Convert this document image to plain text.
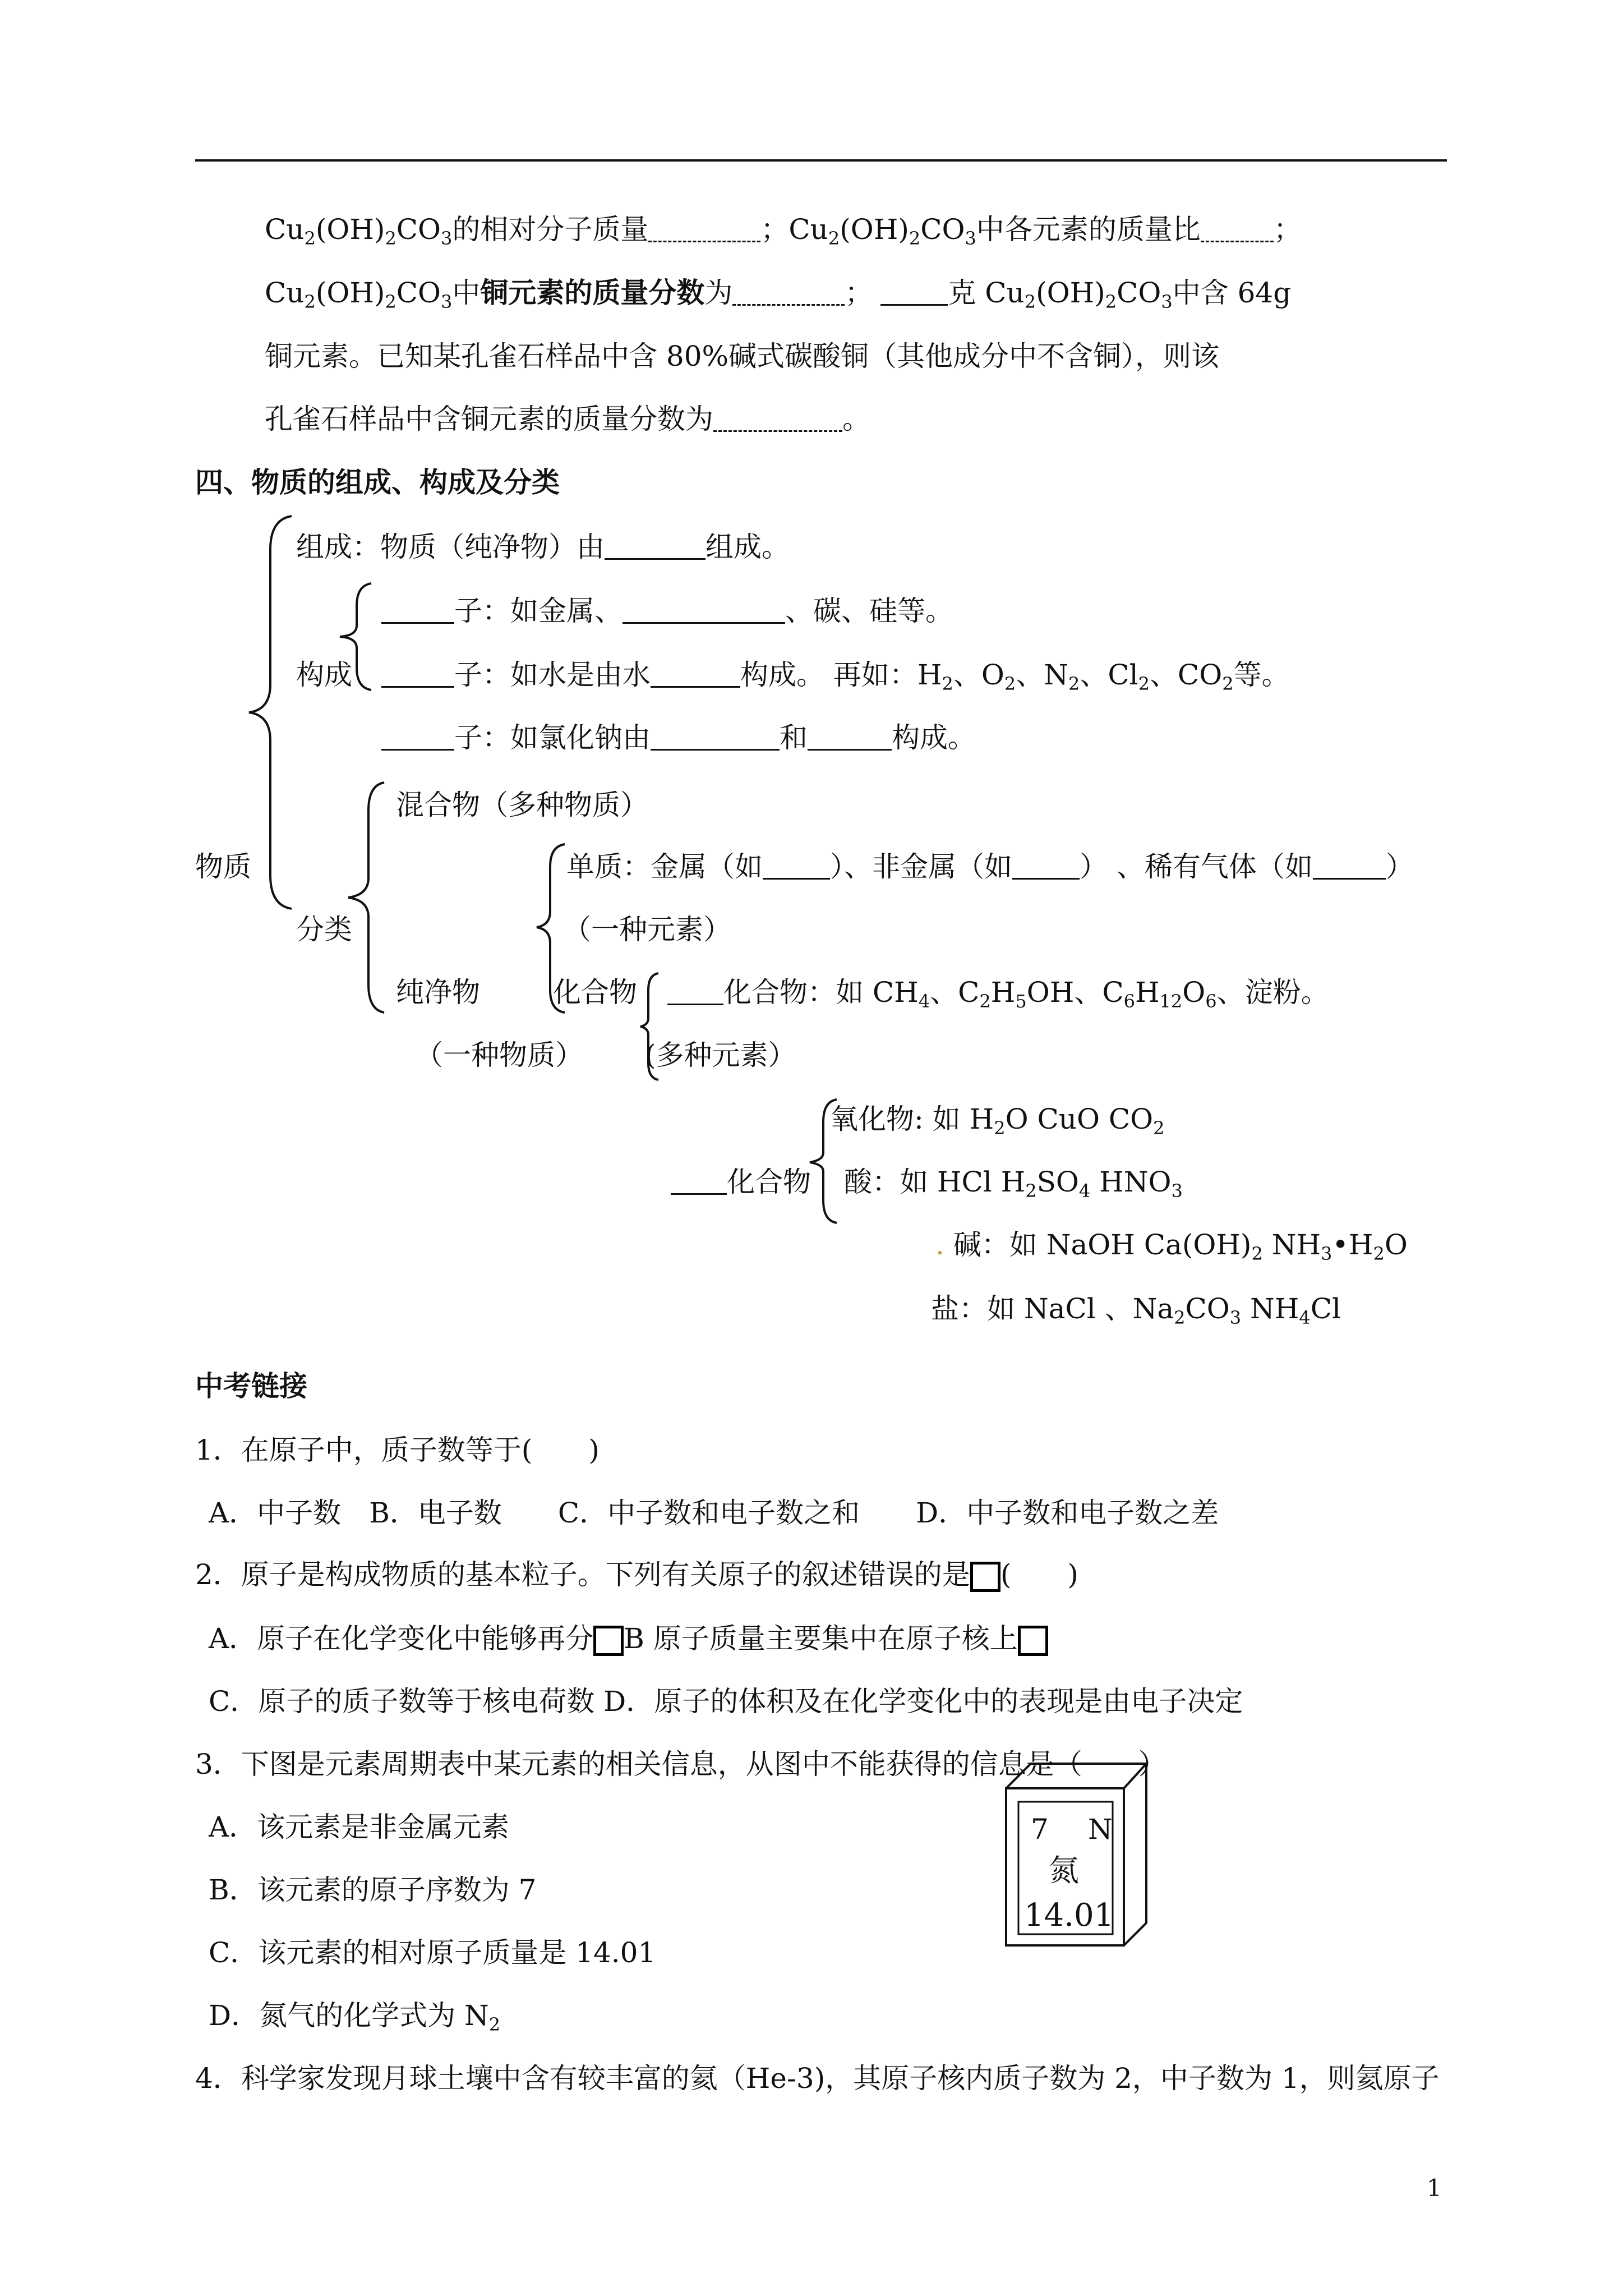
$Cu_2(OH)_2CO_3$的相对分子质量	；$Cu_2(OH)_2CO_3$中各元素的质量比	；
$Cu_2(OH)_2CO_3$中铜元素的质量分数为	；	克 $Cu_2(OH)_2CO_3$中含 64g
铜元素。已知某孔雀石样品中含 80%碱式碳酸铜（其他成分中不含铜），则该
孔雀石样品中含铜元素的质量分数为	。
四、物质的组成、构成及分类
物质
组成：物质（纯净物）由	组成。
构成
子：如金属、	、碳、硅等。
子：如水是由水	构成。 再如：$H_2$、$O_2$、$N_2$、$Cl_2$、$CO_2$等。
子：如氯化钠由	和	构成。
分类
混合物（多种物质）
纯净物
（一种物质）
单质：金属（如 ）、非金属（如 ） 、稀有气体（如	）
（一种元素）
化合物
(多种元素）
化合物：如 $CH_4$、$C_2H_5OH$、$C_6H_{12}O_6$、淀粉。
化合物
氧化物: 如 $H_2O$ CuO $CO_2$
酸：如 HCl $H_2SO_4$ $HNO_3$
. 碱：如 NaOH $Ca(OH)_2$ $NH_3•H_2O$
盐：如 NaCl 、$Na_2CO_3$ $NH_4Cl$
中考链接
1．在原子中，质子数等于(　　)
A．中子数　B．电子数　　C．中子数和电子数之和　　D．中子数和电子数之差
2．原子是构成物质的基本粒子。下列有关原子的叙述错误的是 (　　)
A．原子在化学变化中能够再分 B 原子质量主要集中在原子核上
C．原子的质子数等于核电荷数 D．原子的体积及在化学变化中的表现是由电子决定
3．下图是元素周期表中某元素的相关信息，从图中不能获得的信息是（　　）
A．该元素是非金属元素
B．该元素的原子序数为 7
C．该元素的相对原子质量是 14.01
D．氮气的化学式为 $N_2$
7 N
氮
14.01
4．科学家发现月球土壤中含有较丰富的氦（He-3)，其原子核内质子数为 2，中子数为 1，则氦原子
1
